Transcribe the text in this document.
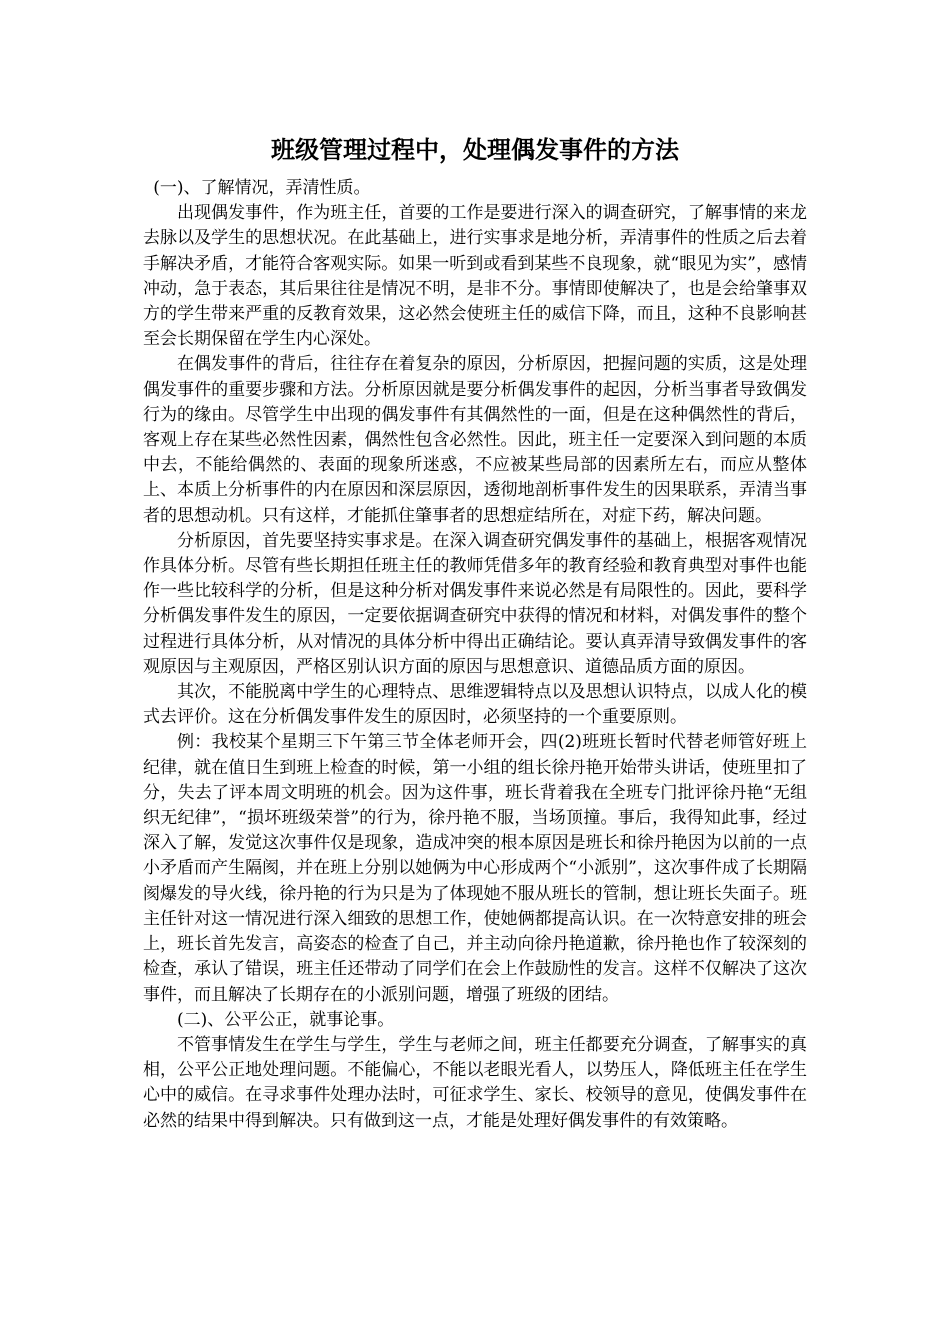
班级管理过程中，处理偶发事件的方法

(一)、了解情况，弄清性质。

出现偶发事件，作为班主任，首要的工作是要进行深入的调查研究，了解事情的来龙去脉以及学生的思想状况。在此基础上，进行实事求是地分析，弄清事件的性质之后去着手解决矛盾，才能符合客观实际。如果一听到或看到某些不良现象，就“眼见为实”，感情冲动，急于表态，其后果往往是情况不明，是非不分。事情即使解决了，也是会给肇事双方的学生带来严重的反教育效果，这必然会使班主任的威信下降，而且，这种不良影响甚至会长期保留在学生内心深处。

在偶发事件的背后，往往存在着复杂的原因，分析原因，把握问题的实质，这是处理偶发事件的重要步骤和方法。分析原因就是要分析偶发事件的起因，分析当事者导致偶发行为的缘由。尽管学生中出现的偶发事件有其偶然性的一面，但是在这种偶然性的背后，客观上存在某些必然性因素，偶然性包含必然性。因此，班主任一定要深入到问题的本质中去，不能给偶然的、表面的现象所迷惑，不应被某些局部的因素所左右，而应从整体上、本质上分析事件的内在原因和深层原因，透彻地剖析事件发生的因果联系，弄清当事者的思想动机。只有这样，才能抓住肇事者的思想症结所在，对症下药，解决问题。

分析原因，首先要坚持实事求是。在深入调查研究偶发事件的基础上，根据客观情况作具体分析。尽管有些长期担任班主任的教师凭借多年的教育经验和教育典型对事件也能作一些比较科学的分析，但是这种分析对偶发事件来说必然是有局限性的。因此，要科学分析偶发事件发生的原因，一定要依据调查研究中获得的情况和材料，对偶发事件的整个过程进行具体分析，从对情况的具体分析中得出正确结论。要认真弄清导致偶发事件的客观原因与主观原因，严格区别认识方面的原因与思想意识、道德品质方面的原因。

其次，不能脱离中学生的心理特点、思维逻辑特点以及思想认识特点，以成人化的模式去评价。这在分析偶发事件发生的原因时，必须坚持的一个重要原则。

例：我校某个星期三下午第三节全体老师开会，四(2)班班长暂时代替老师管好班上纪律，就在值日生到班上检查的时候，第一小组的组长徐丹艳开始带头讲话，使班里扣了分，失去了评本周文明班的机会。因为这件事，班长背着我在全班专门批评徐丹艳“无组织无纪律”，“损坏班级荣誉”的行为，徐丹艳不服，当场顶撞。事后，我得知此事，经过深入了解，发觉这次事件仅是现象，造成冲突的根本原因是班长和徐丹艳因为以前的一点小矛盾而产生隔阂，并在班上分别以她俩为中心形成两个“小派别”，这次事件成了长期隔阂爆发的导火线，徐丹艳的行为只是为了体现她不服从班长的管制，想让班长失面子。班主任针对这一情况进行深入细致的思想工作，使她俩都提高认识。在一次特意安排的班会上，班长首先发言，高姿态的检查了自己，并主动向徐丹艳道歉，徐丹艳也作了较深刻的检查，承认了错误，班主任还带动了同学们在会上作鼓励性的发言。这样不仅解决了这次事件，而且解决了长期存在的小派别问题，增强了班级的团结。

(二)、公平公正，就事论事。

不管事情发生在学生与学生，学生与老师之间，班主任都要充分调查，了解事实的真相，公平公正地处理问题。不能偏心，不能以老眼光看人，以势压人，降低班主任在学生心中的威信。在寻求事件处理办法时，可征求学生、家长、校领导的意见，使偶发事件在必然的结果中得到解决。只有做到这一点，才能是处理好偶发事件的有效策略。
